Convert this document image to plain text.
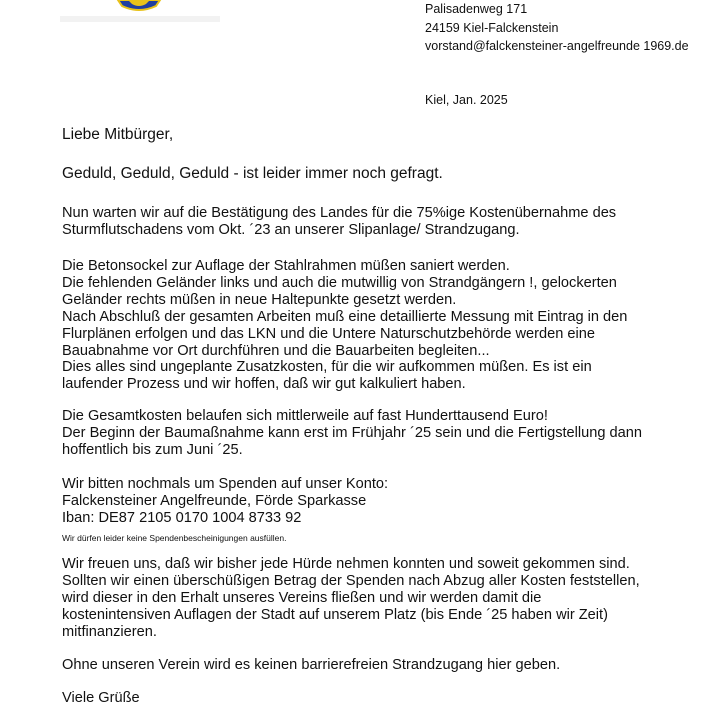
Palisadenweg 171
24159 Kiel-Falckenstein
vorstand@falckensteiner-angelfreunde 1969.de
Kiel, Jan. 2025
Liebe Mitbürger,
Geduld, Geduld, Geduld - ist leider immer noch gefragt.
Nun warten wir auf die Bestätigung des Landes für die 75%ige Kostenübernahme des
Sturmflutschadens vom Okt. ´23 an unserer Slipanlage/ Strandzugang.
Die Betonsockel zur Auflage der Stahlrahmen müßen saniert werden.
Die fehlenden Geländer links und auch die mutwillig von Strandgängern !, gelockerten
Geländer rechts müßen in neue Haltepunkte gesetzt werden.
Nach Abschluß der gesamten Arbeiten muß eine detaillierte Messung mit Eintrag in den
Flurplänen erfolgen und das LKN und die Untere Naturschutzbehörde werden eine
Bauabnahme vor Ort durchführen und die Bauarbeiten begleiten...
Dies alles sind ungeplante Zusatzkosten, für die wir aufkommen müßen. Es ist ein
laufender Prozess und wir hoffen, daß wir gut kalkuliert haben.
Die Gesamtkosten belaufen sich mittlerweile auf fast Hunderttausend Euro!
Der Beginn der Baumaßnahme kann erst im Frühjahr ´25 sein und die Fertigstellung dann
hoffentlich bis zum Juni ´25.
Wir bitten nochmals um Spenden auf unser Konto:
Falckensteiner Angelfreunde, Förde Sparkasse
Iban: DE87 2105 0170 1004 8733 92
Wir dürfen leider keine Spendenbescheinigungen ausfüllen.
Wir freuen uns, daß wir bisher jede Hürde nehmen konnten und soweit gekommen sind.
Sollten wir einen überschüßigen Betrag der Spenden nach Abzug aller Kosten feststellen,
wird dieser in den Erhalt unseres Vereins fließen und wir werden damit die
kostenintensiven Auflagen der Stadt auf unserem Platz (bis Ende ´25 haben wir Zeit)
mitfinanzieren.
Ohne unseren Verein wird es keinen barrierefreien Strandzugang hier geben.
Viele Grüße
